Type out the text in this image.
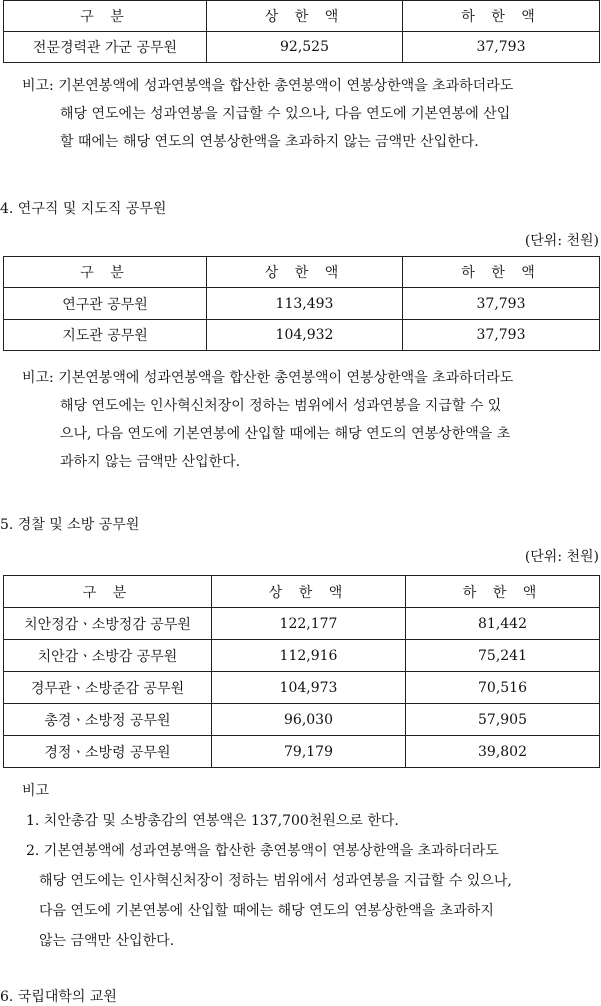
구 분	상 한 액	하 한 액
전문경력관 가군 공무원	92,525	37,793
비고: 기본연봉액에 성과연봉액을 합산한 총연봉액이 연봉상한액을 초과하더라도
해당 연도에는 성과연봉을 지급할 수 있으나, 다음 연도에 기본연봉에 산입
할 때에는 해당 연도의 연봉상한액을 초과하지 않는 금액만 산입한다.
4. 연구직 및 지도직 공무원
(단위: 천원)
구 분	상 한 액	하 한 액
연구관 공무원	113,493	37,793
지도관 공무원	104,932	37,793
비고: 기본연봉액에 성과연봉액을 합산한 총연봉액이 연봉상한액을 초과하더라도
해당 연도에는 인사혁신처장이 정하는 범위에서 성과연봉을 지급할 수 있
으나, 다음 연도에 기본연봉에 산입할 때에는 해당 연도의 연봉상한액을 초
과하지 않는 금액만 산입한다.
5. 경찰 및 소방 공무원
(단위: 천원)
구 분	상 한 액	하 한 액
치안정감ㆍ소방정감 공무원	122,177	81,442
치안감ㆍ소방감 공무원	112,916	75,241
경무관ㆍ소방준감 공무원	104,973	70,516
총경ㆍ소방정 공무원	96,030	57,905
경정ㆍ소방령 공무원	79,179	39,802
비고
1. 치안총감 및 소방총감의 연봉액은 137,700천원으로 한다.
2. 기본연봉액에 성과연봉액을 합산한 총연봉액이 연봉상한액을 초과하더라도
해당 연도에는 인사혁신처장이 정하는 범위에서 성과연봉을 지급할 수 있으나,
다음 연도에 기본연봉에 산입할 때에는 해당 연도의 연봉상한액을 초과하지
않는 금액만 산입한다.
6. 국립대학의 교원
